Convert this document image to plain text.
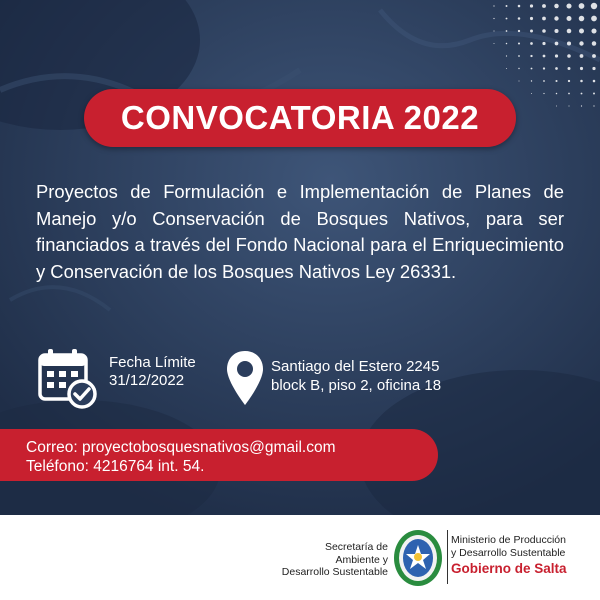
CONVOCATORIA 2022
Proyectos de Formulación e Implementación de Planes de Manejo y/o Conservación de Bosques Nativos, para ser financiados a través del Fondo Nacional para el Enriquecimiento y Conservación de los Bosques Nativos Ley 26331.
Fecha Límite
31/12/2022
Santiago del Estero 2245
block B, piso 2, oficina 18
Correo: proyectobosquesnativos@gmail.com
Teléfono: 4216764 int. 54.
Secretaría de
Ambiente y
Desarrollo Sustentable
Ministerio de Producción
y Desarrollo Sustentable
Gobierno de Salta
